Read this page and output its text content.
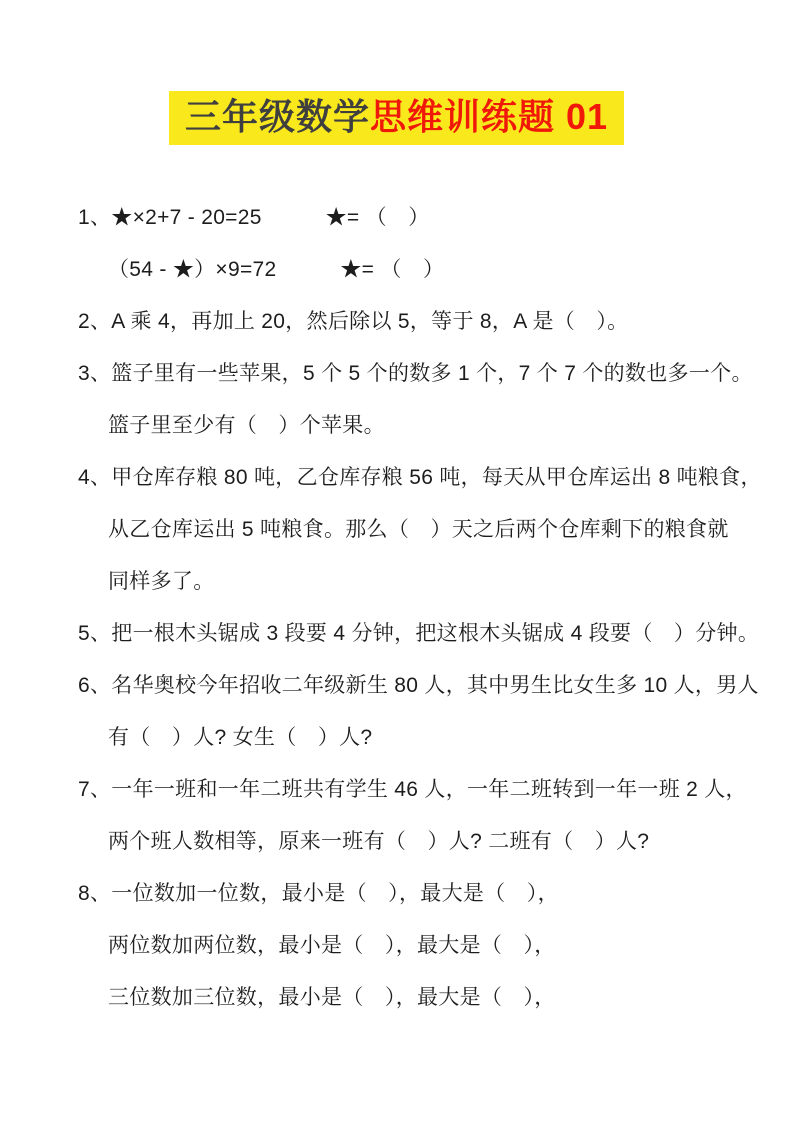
三年级数学思维训练题 01
1、★×2+7 - 20=25　　　★= （　）
（54 - ★）×9=72　　　★= （　）
2、A 乘 4，再加上 20，然后除以 5，等于 8，A 是（　）。
3、篮子里有一些苹果，5 个 5 个的数多 1 个，7 个 7 个的数也多一个。
篮子里至少有（　）个苹果。
4、甲仓库存粮 80 吨，乙仓库存粮 56 吨，每天从甲仓库运出 8 吨粮食，
从乙仓库运出 5 吨粮食。那么（　）天之后两个仓库剩下的粮食就
同样多了。
5、把一根木头锯成 3 段要 4 分钟，把这根木头锯成 4 段要（　）分钟。
6、名华奥校今年招收二年级新生 80 人，其中男生比女生多 10 人，男人
有（　）人? 女生（　）人?
7、一年一班和一年二班共有学生 46 人，一年二班转到一年一班 2 人，
两个班人数相等，原来一班有（　）人? 二班有（　）人?
8、一位数加一位数，最小是（　），最大是（　），
两位数加两位数，最小是（　），最大是（　），
三位数加三位数，最小是（　），最大是（　），
